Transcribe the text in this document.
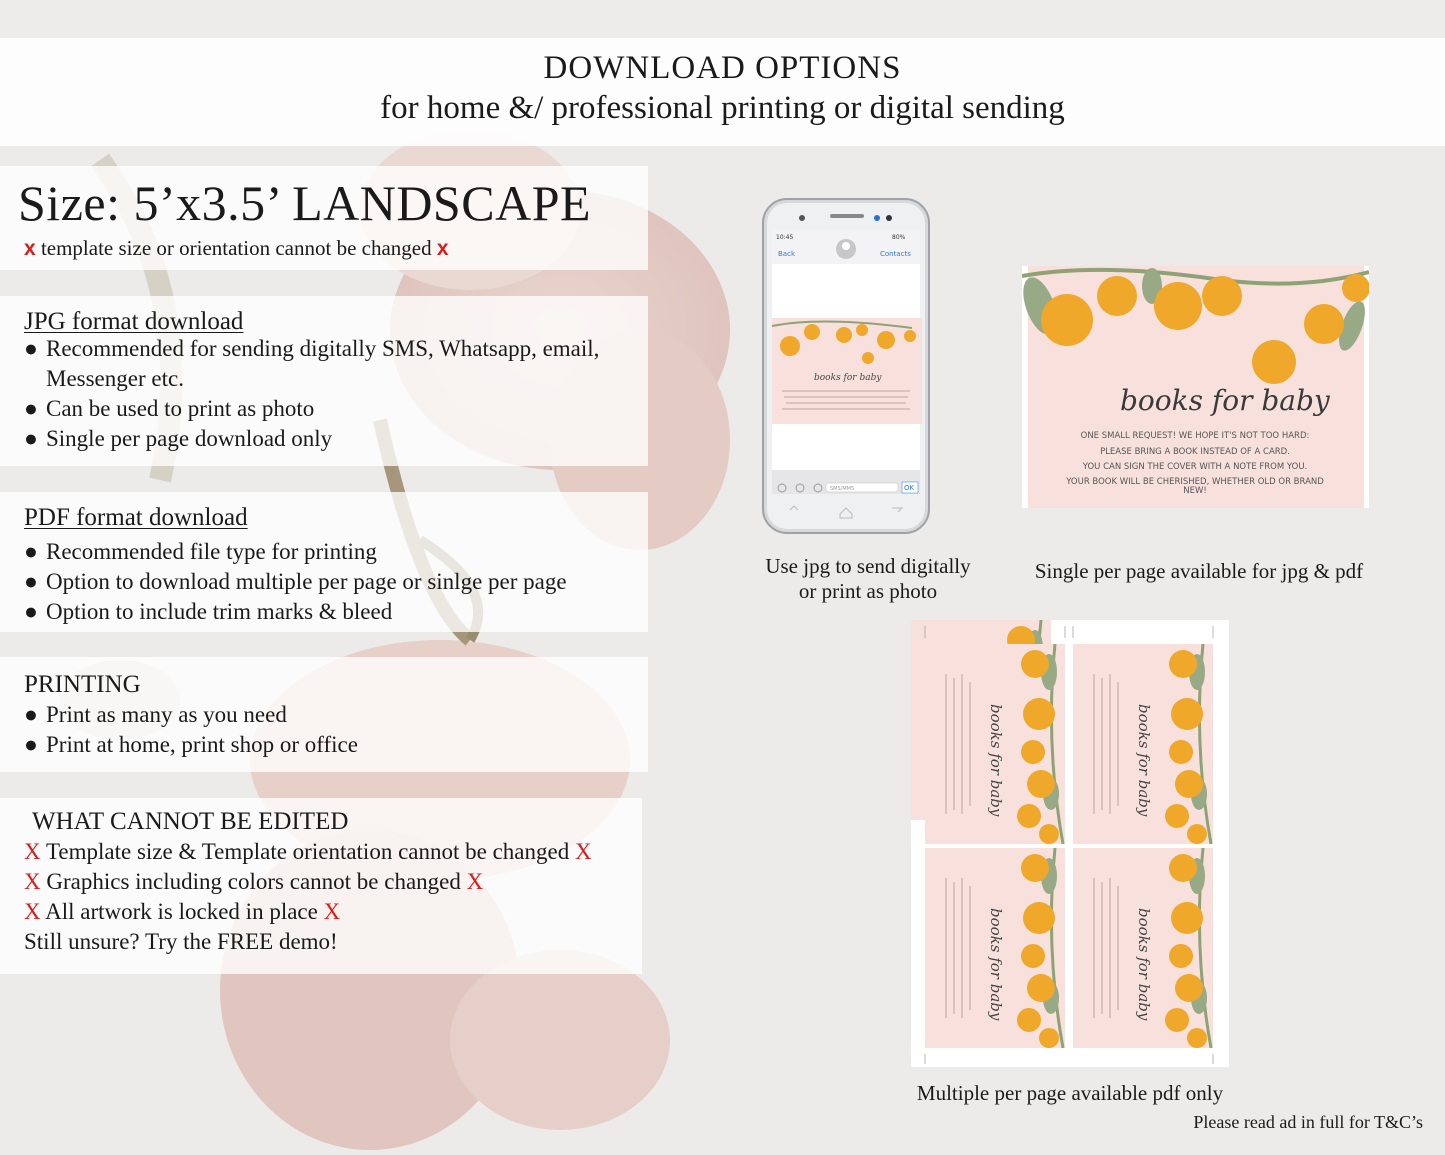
DOWNLOAD OPTIONS
for home &/ professional printing or digital sending
Size: 5’x3.5’ LANDSCAPE
x template size or orientation cannot be changed x
JPG format download
● Recommended for sending digitally SMS, Whatsapp, email,
Messenger etc.
● Can be used to print as photo
● Single per page download only
PDF format download
● Recommended file type for printing
● Option to download multiple per page or sinlge per page
● Option to include trim marks & bleed
PRINTING
● Print as many as you need
● Print at home, print shop or office
WHAT CANNOT BE EDITED
X Template size & Template orientation cannot be changed X
X Graphics including colors cannot be changed X
X All artwork is locked in place X
Still unsure? Try the FREE demo!
10:45	80%
Back	Contacts
books for baby
SMS/MMS	OK
books for baby
ONE SMALL REQUEST! WE HOPE IT'S NOT TOO HARD:
PLEASE BRING A BOOK INSTEAD OF A CARD.
YOU CAN SIGN THE COVER WITH A NOTE FROM YOU.
YOUR BOOK WILL BE CHERISHED, WHETHER OLD OR BRAND
NEW!
Use jpg to send digitally
or print as photo
Single per page available for jpg & pdf
Multiple per page available pdf only
Please read ad in full for T&C’s
